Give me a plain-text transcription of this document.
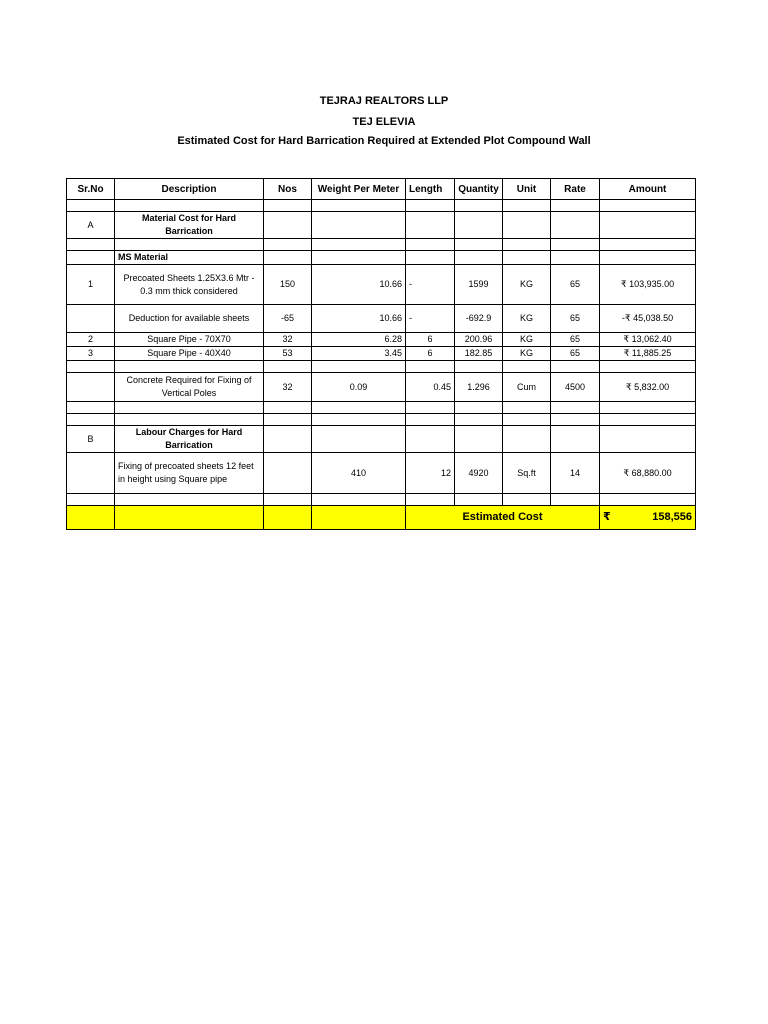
TEJRAJ REALTORS LLP
TEJ ELEVIA
Estimated Cost for Hard Barrication Required at Extended Plot Compound Wall
Sr.No	Description	Nos	Weight Per Meter	Length	Quantity	Unit	Rate	Amount

A	Material Cost for Hard Barrication							

	MS Material							
1	Precoated Sheets 1.25X3.6 Mtr - 0.3 mm thick considered	150	10.66	-	1599	KG	65	₹ 103,935.00
	Deduction for available sheets	-65	10.66	-	-692.9	KG	65	-₹ 45,038.50
2	Square Pipe - 70X70	32	6.28	6	200.96	KG	65	₹ 13,062.40
3	Square Pipe - 40X40	53	3.45	6	182.85	KG	65	₹ 11,885.25

	Concrete Required for Fixing of Vertical Poles	32	0.09	0.45	1.296	Cum	4500	₹ 5,832.00

B	Labour Charges for Hard Barrication							
	Fixing of precoated sheets 12 feet in height using Square pipe		410	12	4920	Sq.ft	14	₹ 68,880.00

				Estimated Cost				₹ 158,556
